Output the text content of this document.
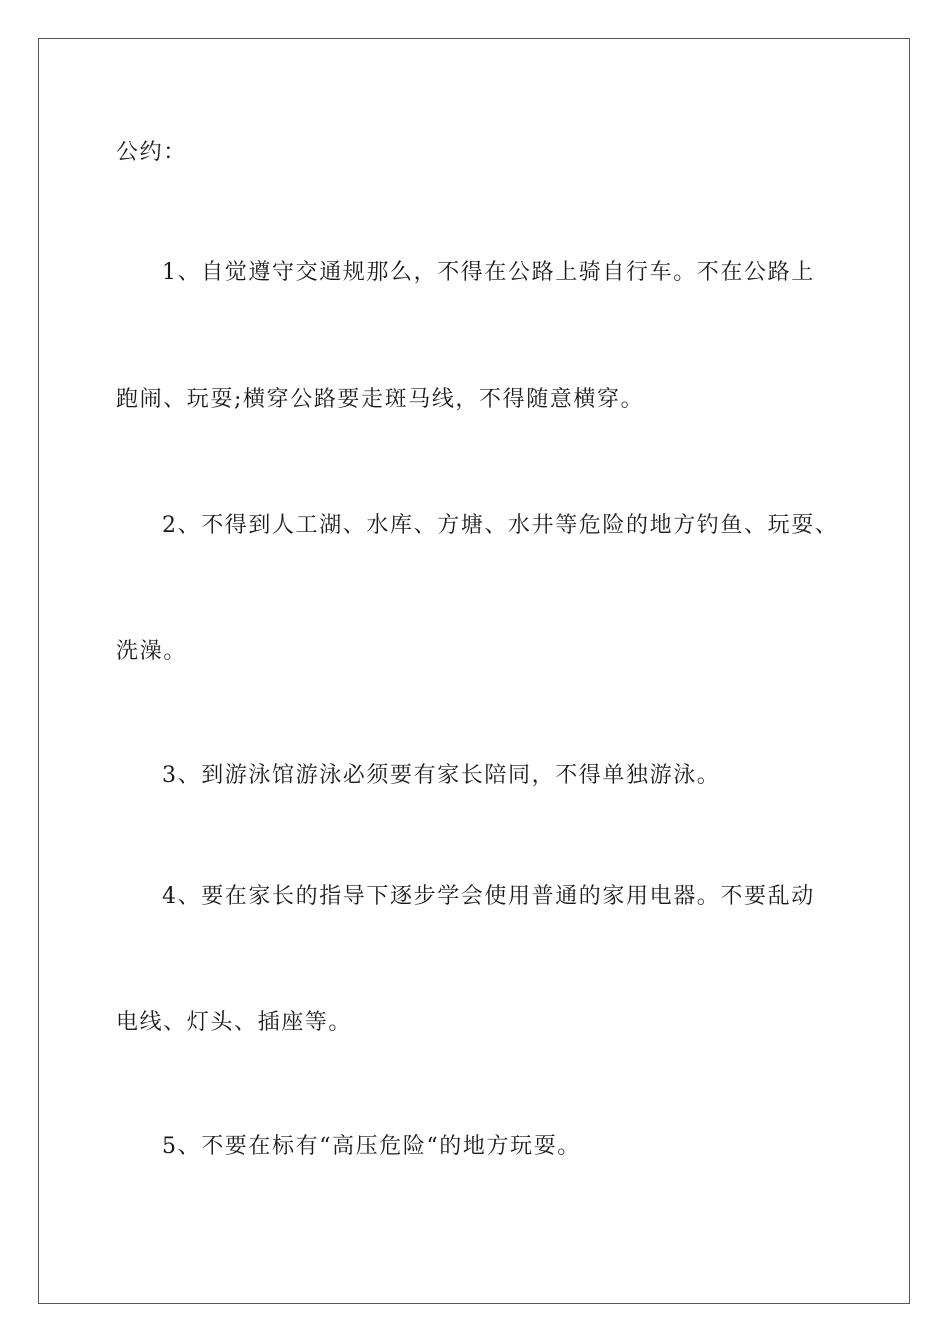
公约：
1、自觉遵守交通规那么，不得在公路上骑自行车。不在公路上
跑闹、玩耍;横穿公路要走斑马线，不得随意横穿。
2、不得到人工湖、水库、方塘、水井等危险的地方钓鱼、玩耍、
洗澡。
3、到游泳馆游泳必须要有家长陪同，不得单独游泳。
4、要在家长的指导下逐步学会使用普通的家用电器。不要乱动
电线、灯头、插座等。
5、不要在标有“高压危险“的地方玩耍。
